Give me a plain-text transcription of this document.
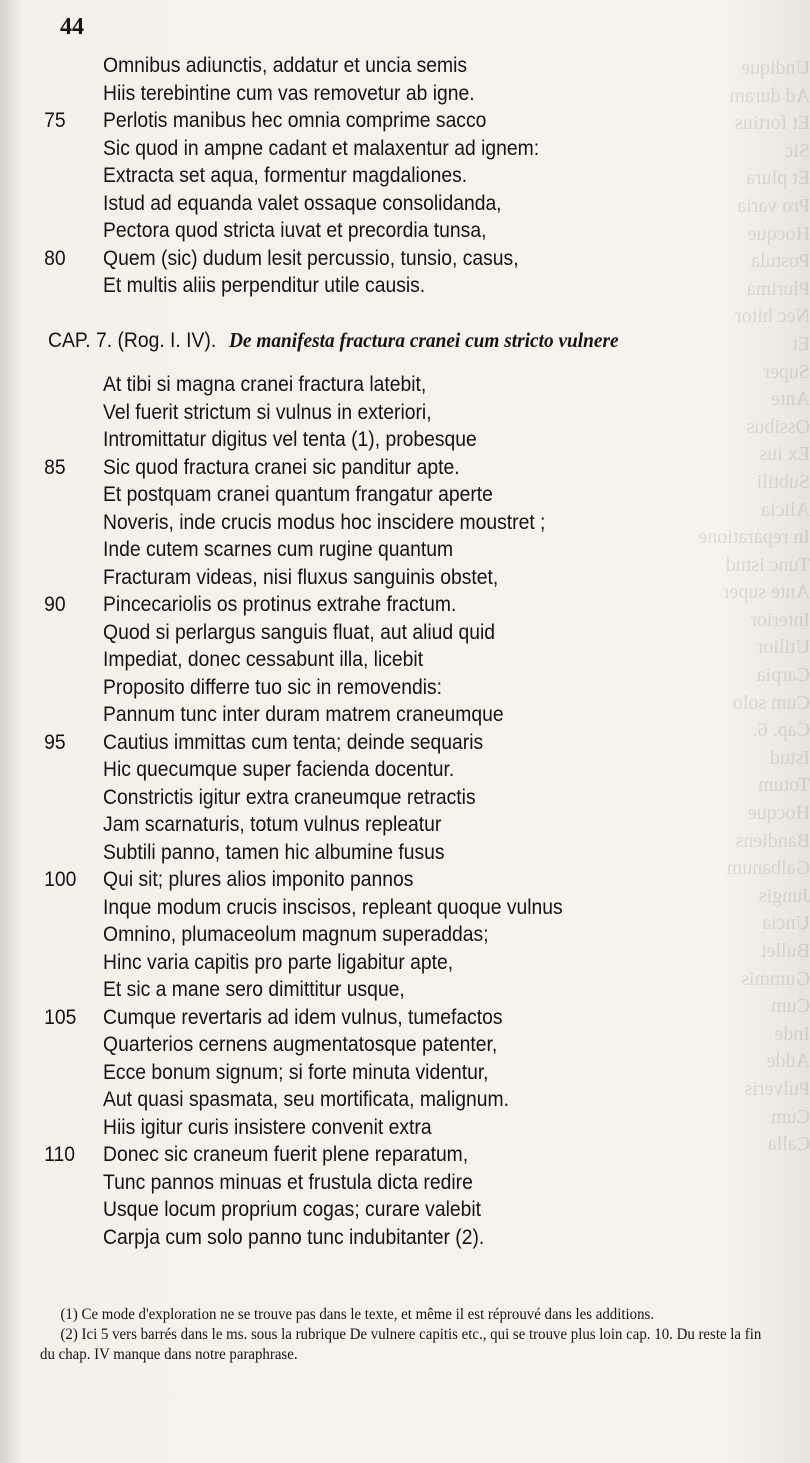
Undique
Ad duram
Et fortius
Sic
Et plura
Pro varia
Hocque
Postula
Plurima
Nec hitor
Et
Super
Ante
Ossibus
Ex ius
Subtili
Alicia
In reparatione
Tunc istud
Ante super
Interior
Utilior
Carpia
Cum solo
Cap. 6.
Istud
Totum
Hocque
Bandiens
Galbanum
Jungis
Uncia
Bullet
Gummis
Cum
Inde
Adde
Pulveris
Cum
Calla
44
Omnibus adiunctis, addatur et uncia semis
Hiis terebintine cum vas removetur ab igne.
75	Perlotis manibus hec omnia comprime sacco
Sic quod in ampne cadant et malaxentur ad ignem:
Extracta set aqua, formentur magdaliones.
Istud ad equanda valet ossaque consolidanda,
Pectora quod stricta iuvat et precordia tunsa,
80	Quem (sic) dudum lesit percussio, tunsio, casus,
Et multis aliis perpenditur utile causis.
CAP. 7. (Rog. I. IV). De manifesta fractura cranei cum stricto vulnere
At tibi si magna cranei fractura latebit,
Vel fuerit strictum si vulnus in exteriori,
Intromittatur digitus vel tenta (1), probesque
85	Sic quod fractura cranei sic panditur apte.
Et postquam cranei quantum frangatur aperte
Noveris, inde crucis modus hoc inscidere moustret ;
Inde cutem scarnes cum rugine quantum
Fracturam videas, nisi fluxus sanguinis obstet,
90	Pincecariolis os protinus extrahe fractum.
Quod si perlargus sanguis fluat, aut aliud quid
Impediat, donec cessabunt illa, licebit
Proposito differre tuo sic in removendis:
Pannum tunc inter duram matrem craneumque
95	Cautius immittas cum tenta; deinde sequaris
Hic quecumque super facienda docentur.
Constrictis igitur extra craneumque retractis
Jam scarnaturis, totum vulnus repleatur
Subtili panno, tamen hic albumine fusus
100 Qui sit; plures alios imponito pannos
Inque modum crucis inscisos, repleant quoque vulnus
Omnino, plumaceolum magnum superaddas;
Hinc varia capitis pro parte ligabitur apte,
Et sic a mane sero dimittitur usque,
105 Cumque revertaris ad idem vulnus, tumefactos
Quarterios cernens augmentatosque patenter,
Ecce bonum signum; si forte minuta videntur,
Aut quasi spasmata, seu mortificata, malignum.
Hiis igitur curis insistere convenit extra
110 Donec sic craneum fuerit plene reparatum,
Tunc pannos minuas et frustula dicta redire
Usque locum proprium cogas; curare valebit
Carpja cum solo panno tunc indubitanter (2).

(1) Ce mode d'exploration ne se trouve pas dans le texte, et même il est réprouvé dans les additions.

(2) Ici 5 vers barrés dans le ms. sous la rubrique De vulnere capitis etc., qui se trouve plus loin cap. 10. Du reste la fin du chap. IV manque dans notre paraphrase.
